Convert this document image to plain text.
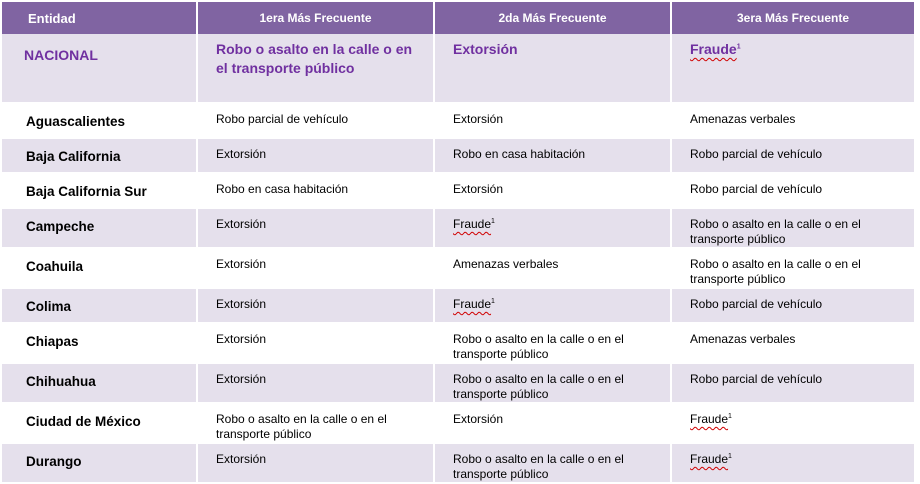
Entidad	1era Más Frecuente	2da Más Frecuente	3era Más Frecuente
NACIONAL	Robo o asalto en la calle o en el transporte público	Extorsión	Fraude$^1$
Aguascalientes	Robo parcial de vehículo	Extorsión	Amenazas verbales
Baja California	Extorsión	Robo en casa habitación	Robo parcial de vehículo
Baja California Sur	Robo en casa habitación	Extorsión	Robo parcial de vehículo
Campeche	Extorsión	Fraude$^1$	Robo o asalto en la calle o en el transporte público
Coahuila	Extorsión	Amenazas verbales	Robo o asalto en la calle o en el transporte público
Colima	Extorsión	Fraude$^1$	Robo parcial de vehículo
Chiapas	Extorsión	Robo o asalto en la calle o en el transporte público	Amenazas verbales
Chihuahua	Extorsión	Robo o asalto en la calle o en el transporte público	Robo parcial de vehículo
Ciudad de México	Robo o asalto en la calle o en el transporte público	Extorsión	Fraude$^1$
Durango	Extorsión	Robo o asalto en la calle o en el transporte público	Fraude$^1$
